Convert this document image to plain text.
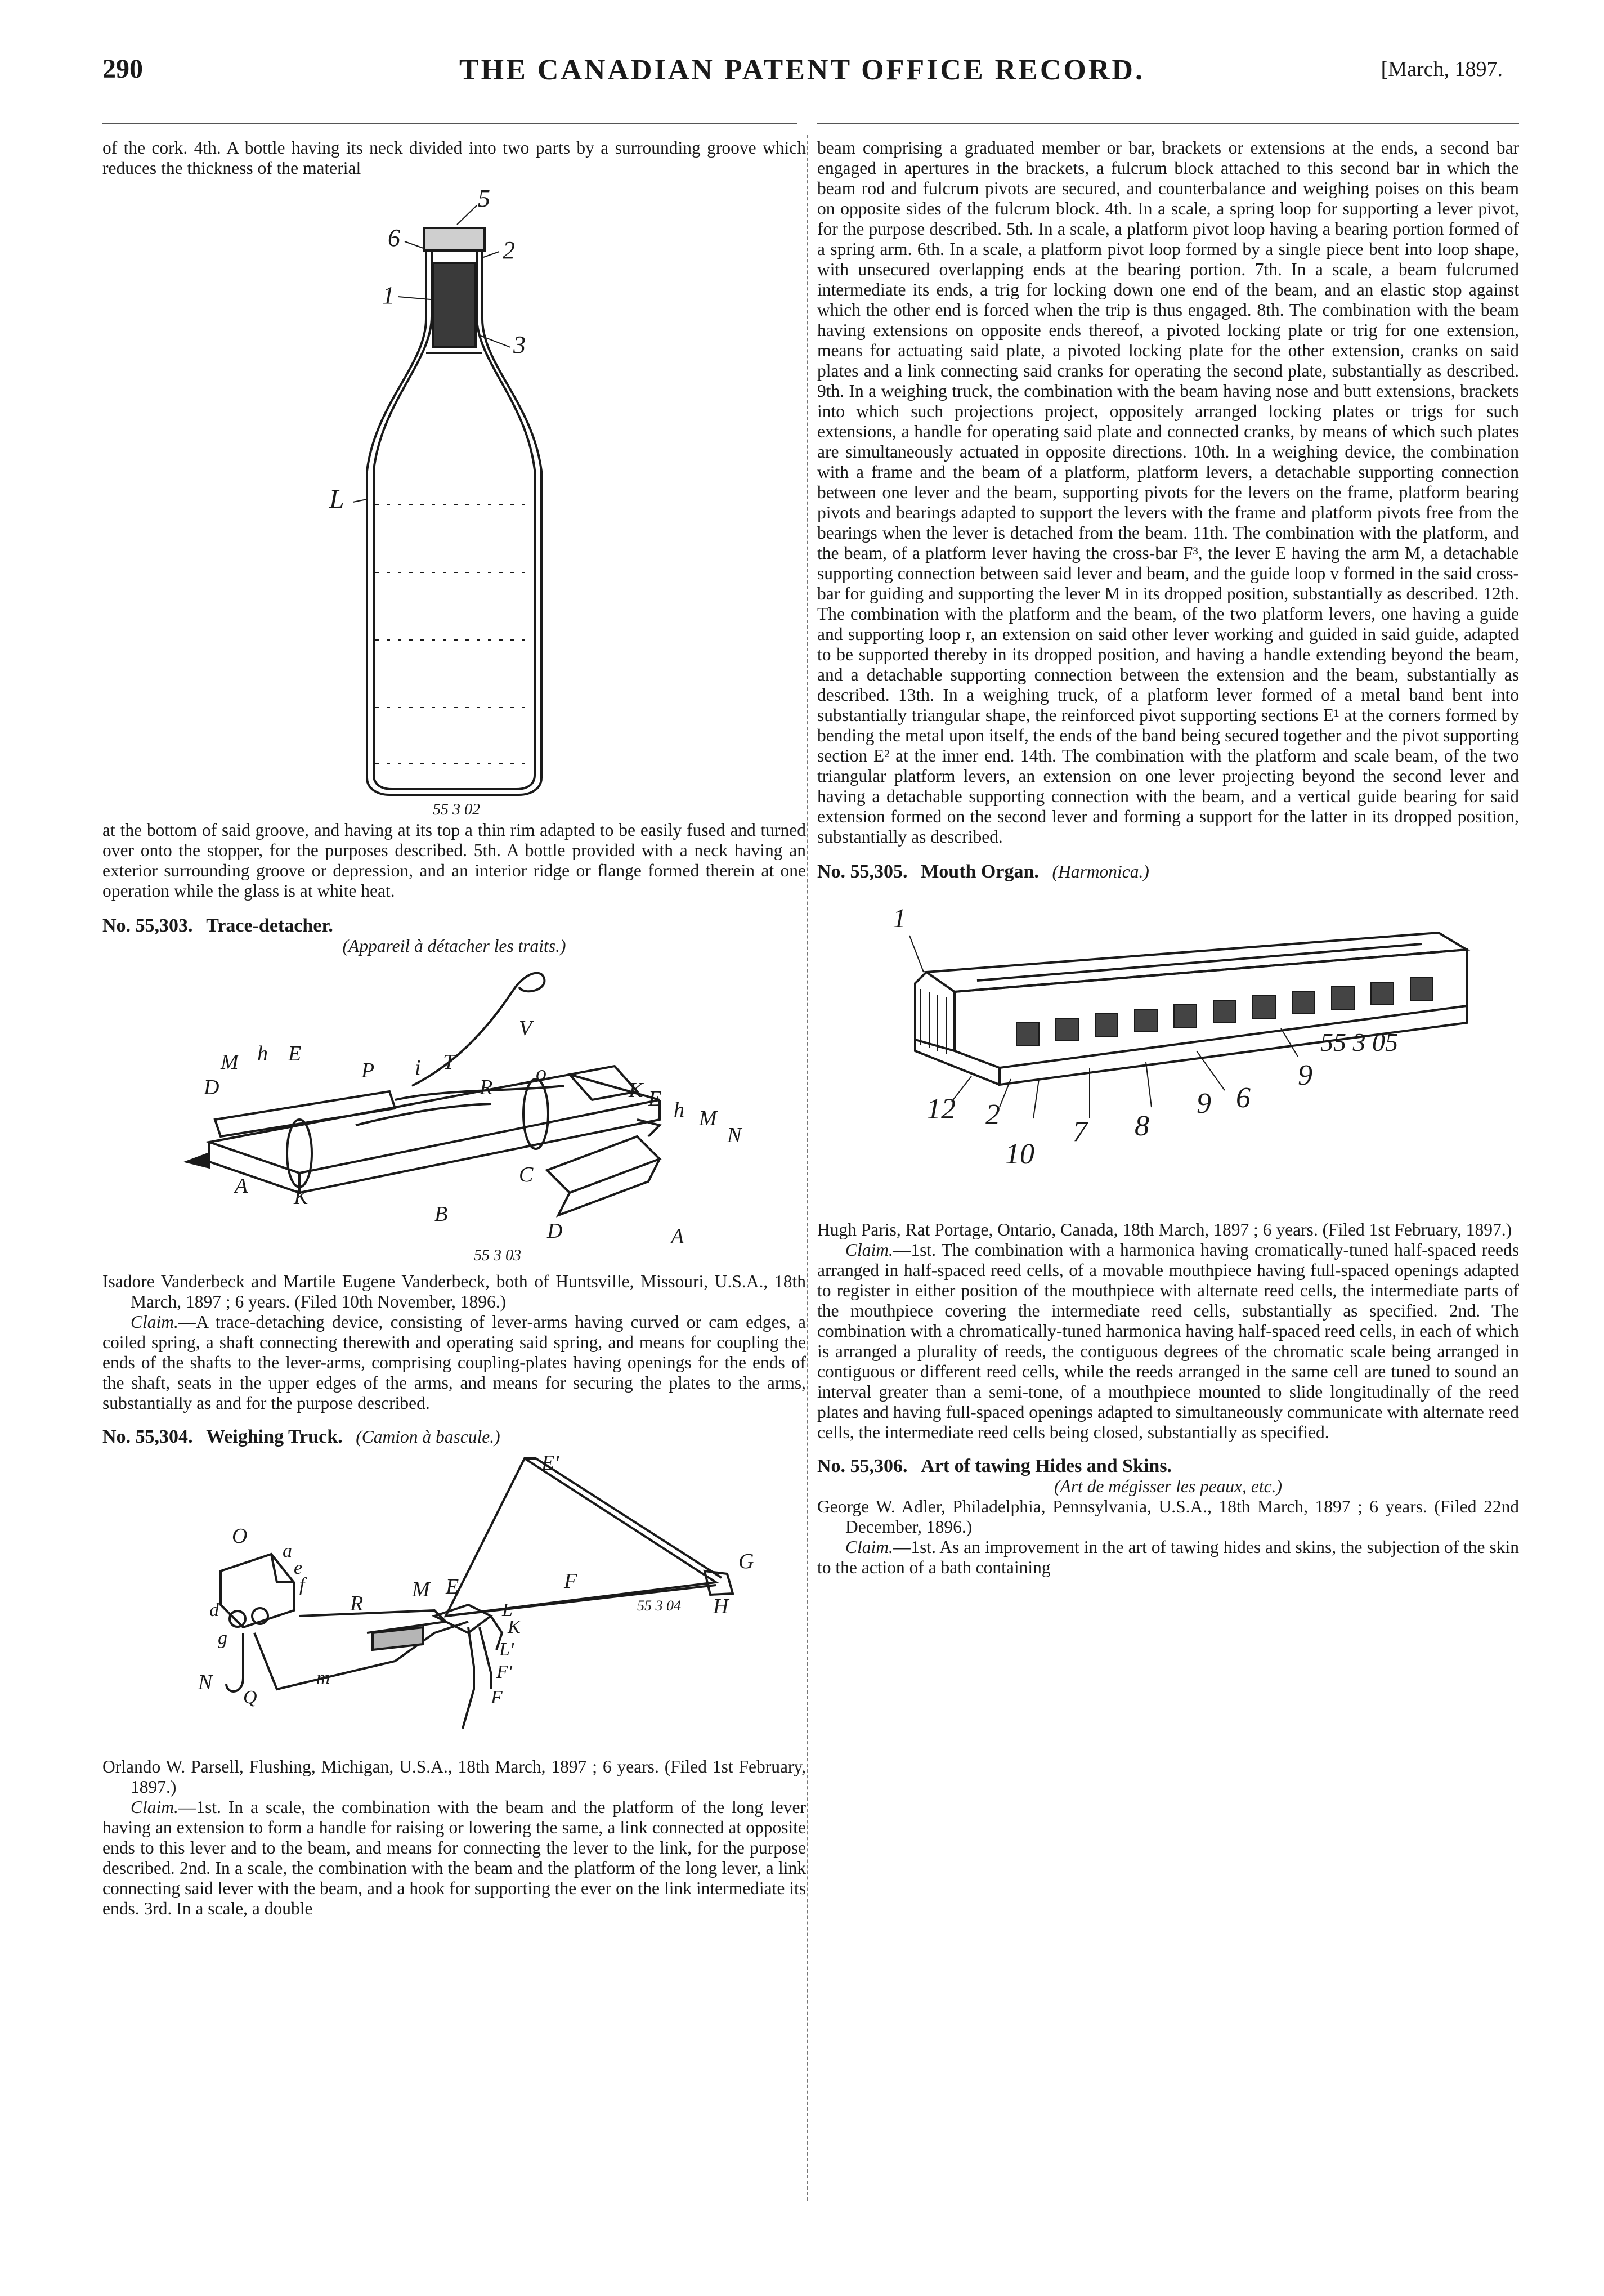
290	THE CANADIAN PATENT OFFICE RECORD.	[March, 1897.

of the cork. 4th. A bottle having its neck divided into two parts by a surrounding groove which reduces the thickness of the material

5
6	2
1
3
L
55 3 02

at the bottom of said groove, and having at its top a thin rim adapted to be easily fused and turned over onto the stopper, for the purposes described. 5th. A bottle provided with a neck having an exterior surrounding groove or depression, and an interior ridge or flange formed therein at one operation while the glass is at white heat.

No. 55,303. Trace-detacher.

(Appareil à détacher les traits.)

M h E
D
P i T
V
R
o
K E h M
A K
C
B
D	A
N
55 3 03

Isadore Vanderbeck and Martile Eugene Vanderbeck, both of Huntsville, Missouri, U.S.A., 18th March, 1897 ; 6 years. (Filed 10th November, 1896.)

Claim.—A trace-detaching device, consisting of lever-arms having curved or cam edges, a coiled spring, a shaft connecting therewith and operating said spring, and means for coupling the ends of the shafts to the lever-arms, comprising coupling-plates having openings for the ends of the shaft, seats in the upper edges of the arms, and means for securing the plates to the arms, substantially as and for the purpose described.

No. 55,304. Weighing Truck. (Camion à bascule.)

E'
G
H
O
a
e
f
d
g
R
M E	F
L
K
L'
F'
F
N
Q
m
55 3 04

Orlando W. Parsell, Flushing, Michigan, U.S.A., 18th March, 1897 ; 6 years. (Filed 1st February, 1897.)

Claim.—1st. In a scale, the combination with the beam and the platform of the long lever having an extension to form a handle for raising or lowering the same, a link connected at opposite ends to this lever and to the beam, and means for connecting the lever to the link, for the purpose described. 2nd. In a scale, the combination with the beam and the platform of the long lever, a link connecting said lever with the beam, and a hook for supporting the ever on the link intermediate its ends. 3rd. In a scale, a double

beam comprising a graduated member or bar, brackets or extensions at the ends, a second bar engaged in apertures in the brackets, a fulcrum block attached to this second bar in which the beam rod and fulcrum pivots are secured, and counterbalance and weighing poises on this beam on opposite sides of the fulcrum block. 4th. In a scale, a spring loop for supporting a lever pivot, for the purpose described. 5th. In a scale, a platform pivot loop having a bearing portion formed of a spring arm. 6th. In a scale, a platform pivot loop formed by a single piece bent into loop shape, with unsecured overlapping ends at the bearing portion. 7th. In a scale, a beam fulcrumed intermediate its ends, a trig for locking down one end of the beam, and an elastic stop against which the other end is forced when the trip is thus engaged. 8th. The combination with the beam having extensions on opposite ends thereof, a pivoted locking plate or trig for one extension, means for actuating said plate, a pivoted locking plate for the other extension, cranks on said plates and a link connecting said cranks for operating the second plate, substantially as described. 9th. In a weighing truck, the combination with the beam having nose and butt extensions, brackets into which such projections project, oppositely arranged locking plates or trigs for such extensions, a handle for operating said plate and connected cranks, by means of which such plates are simultaneously actuated in opposite directions. 10th. In a weighing device, the combination with a frame and the beam of a platform, platform levers, a detachable supporting connection between one lever and the beam, supporting pivots for the levers on the frame, platform bearing pivots and bearings adapted to support the levers with the frame and platform pivots free from the bearings when the lever is detached from the beam. 11th. The combination with the platform, and the beam, of a platform lever having the cross-bar F³, the lever E having the arm M, a detachable supporting connection between said lever and beam, and the guide loop v formed in the said cross-bar for guiding and supporting the lever M in its dropped position, substantially as described. 12th. The combination with the platform and the beam, of the two platform levers, one having a guide and supporting loop r, an extension on said other lever working and guided in said guide, adapted to be supported thereby in its dropped position, and having a handle extending beyond the beam, and a detachable supporting connection between the extension and the beam, substantially as described. 13th. In a weighing truck, of a platform lever formed of a metal band bent into substantially triangular shape, the reinforced pivot supporting sections E¹ at the corners formed by bending the metal upon itself, the ends of the band being secured together and the pivot supporting section E² at the inner end. 14th. The combination with the platform and scale beam, of the two triangular platform levers, an extension on one lever projecting beyond the second lever and having a detachable supporting connection with the beam, and a vertical guide bearing for said extension formed on the second lever and forming a support for the latter in its dropped position, substantially as described.

No. 55,305. Mouth Organ. (Harmonica.)

1
55 3 05
9
12 2
10
7 8
9 6

Hugh Paris, Rat Portage, Ontario, Canada, 18th March, 1897 ; 6 years. (Filed 1st February, 1897.)

Claim.—1st. The combination with a harmonica having cromatically-tuned half-spaced reeds arranged in half-spaced reed cells, of a movable mouthpiece having full-spaced openings adapted to register in either position of the mouthpiece with alternate reed cells, the intermediate parts of the mouthpiece covering the intermediate reed cells, substantially as specified. 2nd. The combination with a chromatically-tuned harmonica having half-spaced reed cells, in each of which is arranged a plurality of reeds, the contiguous degrees of the chromatic scale being arranged in contiguous or different reed cells, while the reeds arranged in the same cell are tuned to sound an interval greater than a semi-tone, of a mouthpiece mounted to slide longitudinally of the reed plates and having full-spaced openings adapted to simultaneously communicate with alternate reed cells, the intermediate reed cells being closed, substantially as specified.

No. 55,306. Art of tawing Hides and Skins.

(Art de mégisser les peaux, etc.)

George W. Adler, Philadelphia, Pennsylvania, U.S.A., 18th March, 1897 ; 6 years. (Filed 22nd December, 1896.)

Claim.—1st. As an improvement in the art of tawing hides and skins, the subjection of the skin to the action of a bath containing
